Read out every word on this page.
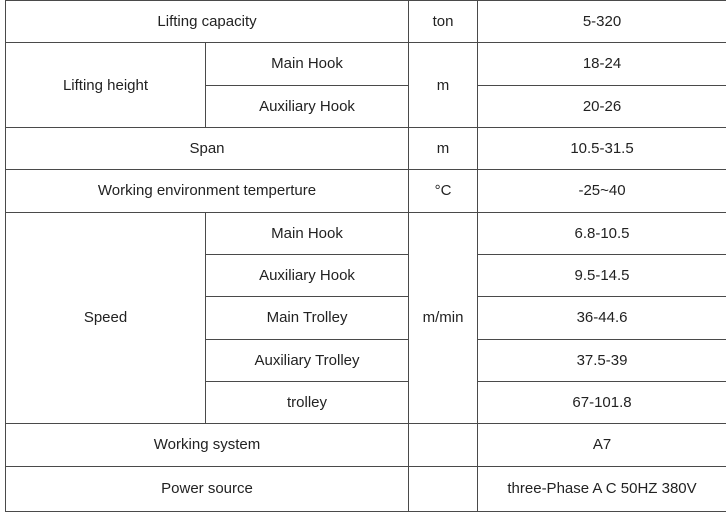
Lifting capacity		ton	5-320
Lifting height	Main Hook	m	18-24
	Auxiliary Hook		20-26
Span		m	10.5-31.5
Working environment temperture		°C	-25~40
Speed	Main Hook	m/min	6.8-10.5
	Auxiliary Hook		9.5-14.5
	Main Trolley		36-44.6
	Auxiliary Trolley		37.5-39
	trolley		67-101.8
Working system			A7
Power source			three-Phase A C 50HZ 380V
